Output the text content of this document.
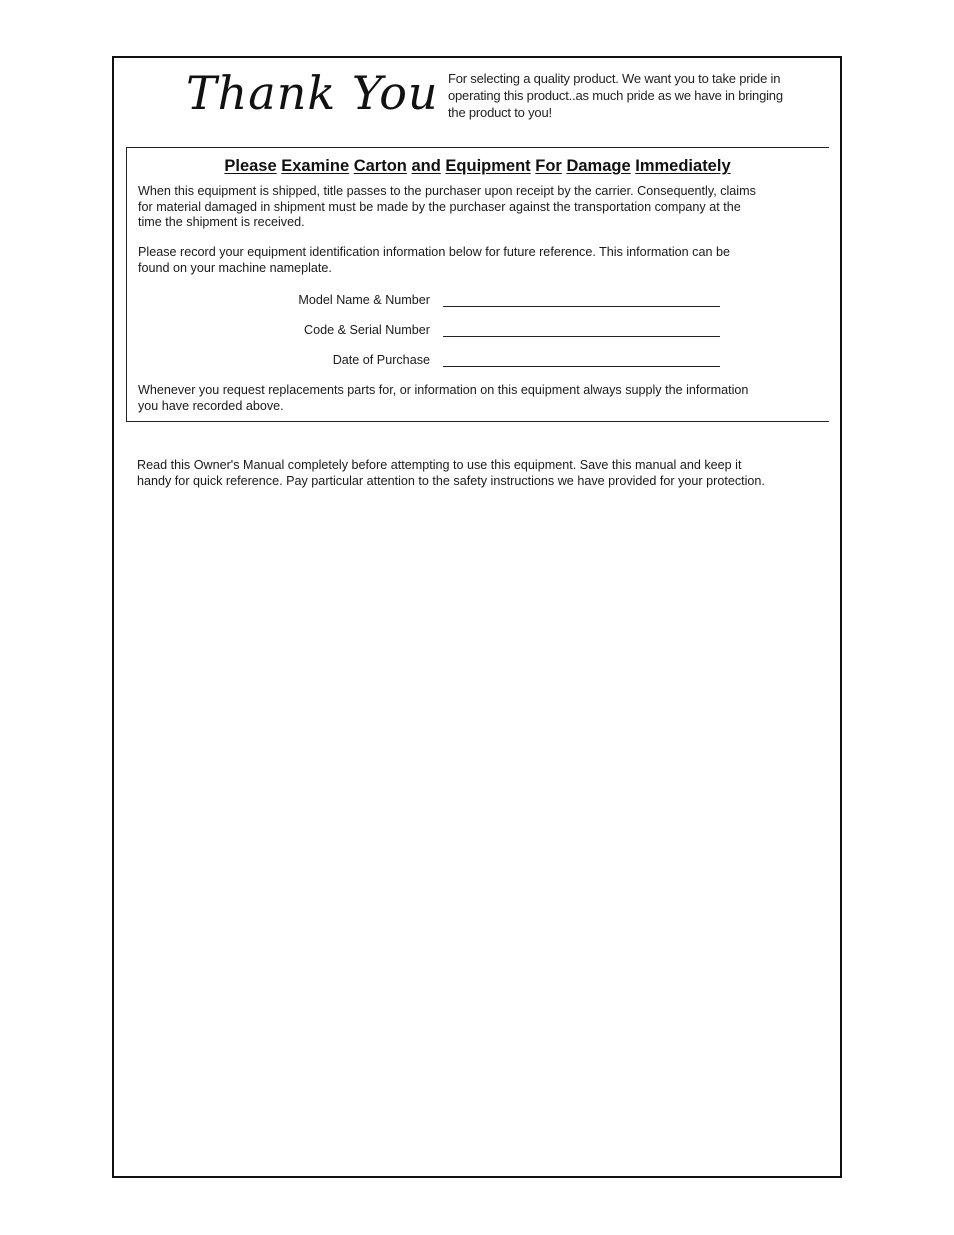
Thank You For selecting a quality product. We want you to take pride in
operating this product..as much pride as we have in bringing
the product to you!
Please Examine Carton and Equipment For Damage Immediately
When this equipment is shipped, title passes to the purchaser upon receipt by the carrier. Consequently, claims
for material damaged in shipment must be made by the purchaser against the transportation company at the
time the shipment is received.
Please record your equipment identification information below for future reference. This information can be
found on your machine nameplate.
Model Name & Number
Code & Serial Number
Date of Purchase
Whenever you request replacements parts for, or information on this equipment always supply the information
you have recorded above.
Read this Owner's Manual completely before attempting to use this equipment. Save this manual and keep it
handy for quick reference. Pay particular attention to the safety instructions we have provided for your protection.
